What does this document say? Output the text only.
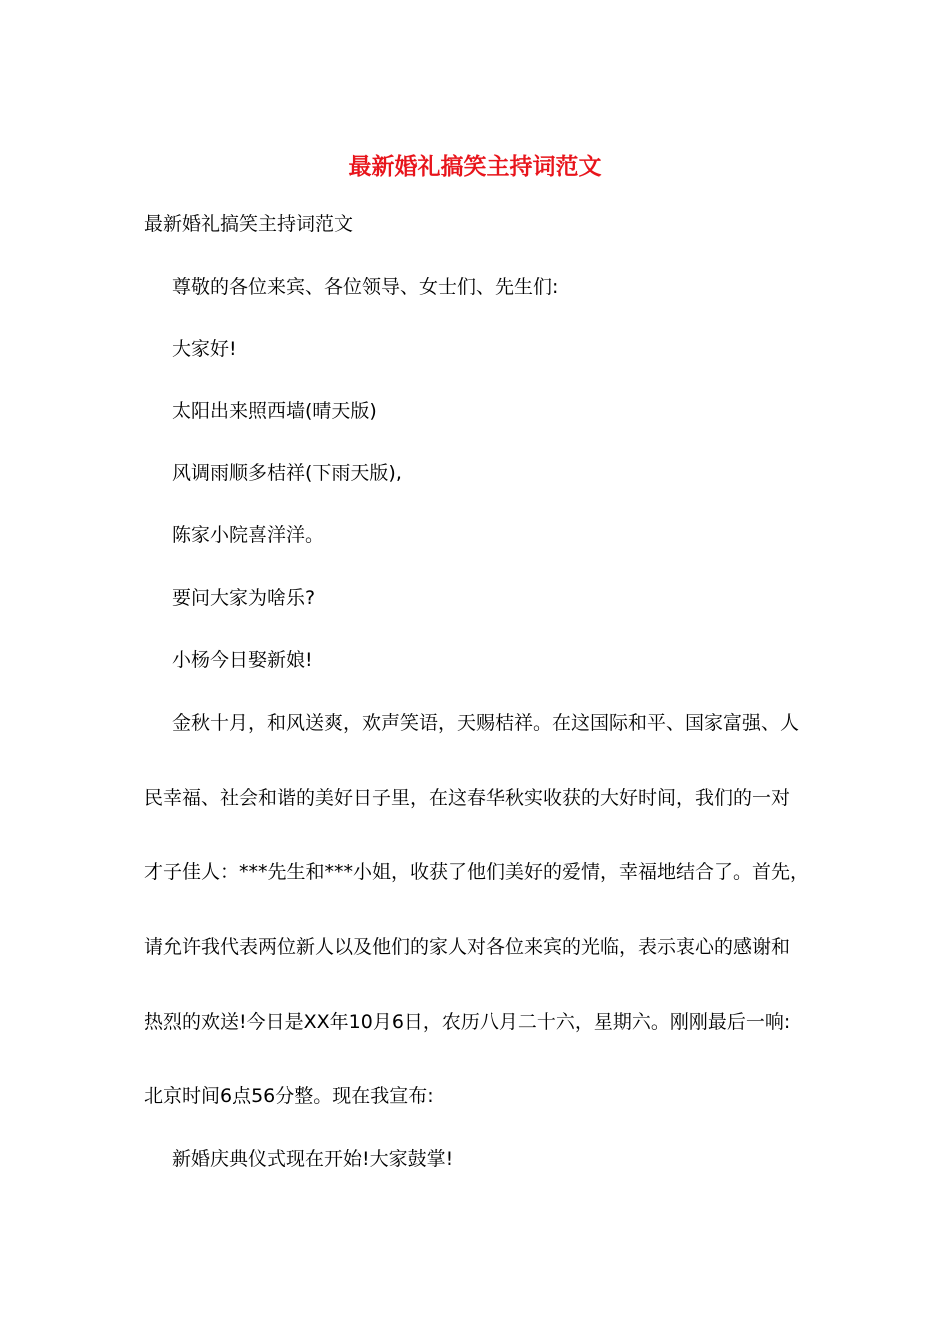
最新婚礼搞笑主持词范文
最新婚礼搞笑主持词范文
尊敬的各位来宾、各位领导、女士们、先生们:
大家好!
太阳出来照西墙(晴天版)
风调雨顺多桔祥(下雨天版),
陈家小院喜洋洋。
要问大家为啥乐?
小杨今日娶新娘!
金秋十月，和风送爽，欢声笑语，天赐桔祥。在这国际和平、国家富强、人
民幸福、社会和谐的美好日子里，在这春华秋实收获的大好时间，我们的一对
才子佳人：***先生和***小姐，收获了他们美好的爱情，幸福地结合了。首先，
请允许我代表两位新人以及他们的家人对各位来宾的光临，表示衷心的感谢和
热烈的欢送!今日是XX年10月6日，农历八月二十六，星期六。刚刚最后一响:
北京时间6点56分整。现在我宣布:
新婚庆典仪式现在开始!大家鼓掌!
